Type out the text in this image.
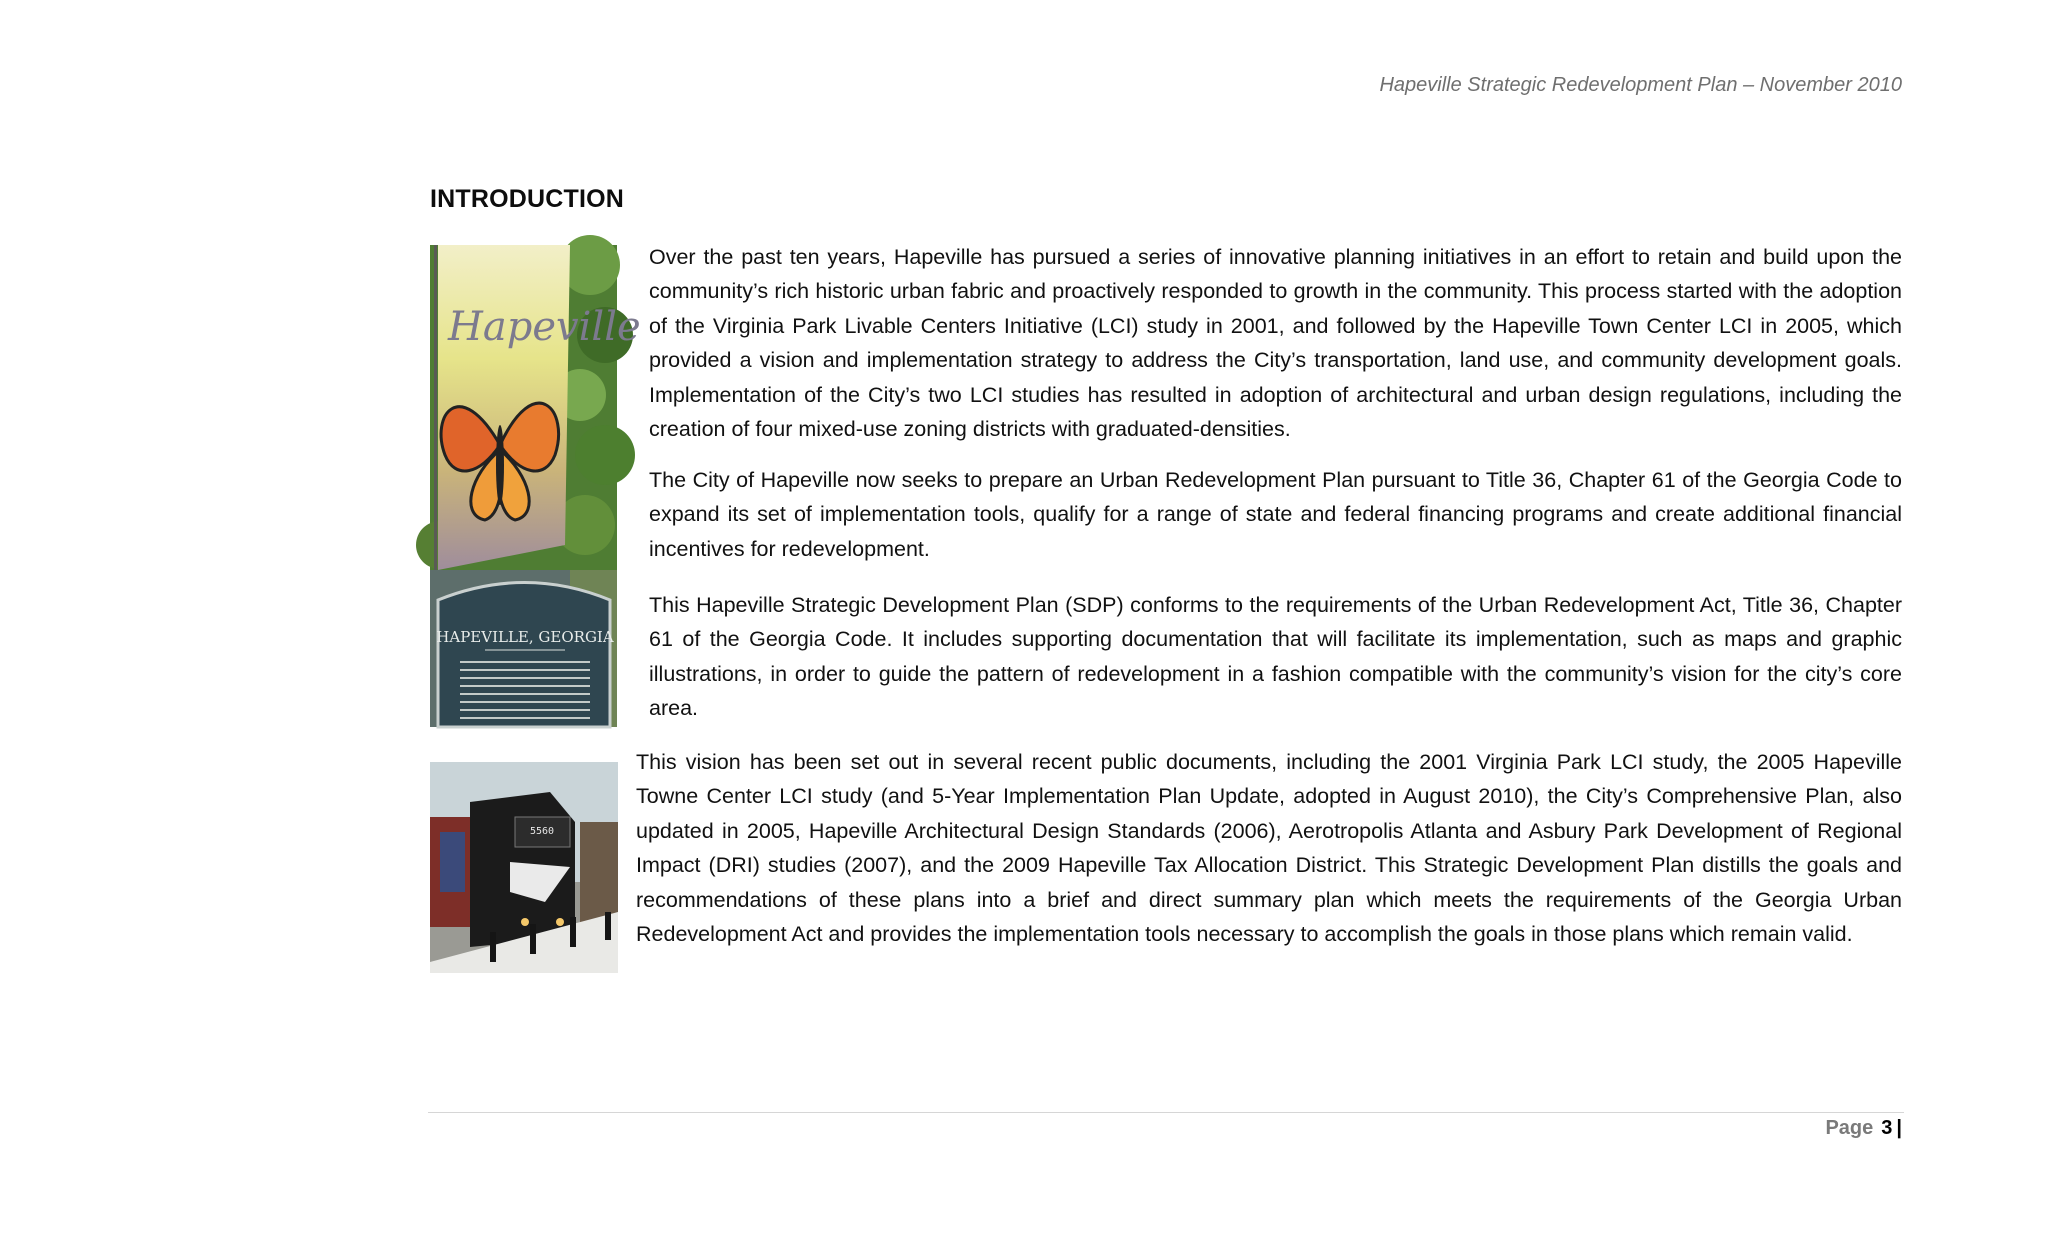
Hapeville Strategic Redevelopment Plan – November 2010
INTRODUCTION
Hapeville
HAPEVILLE, GEORGIA
Over the past ten years, Hapeville has pursued a series of innovative planning initiatives in an effort to retain and build upon the community’s rich historic urban fabric and proactively responded to growth in the community. This process started with the adoption of the Virginia Park Livable Centers Initiative (LCI) study in 2001, and followed by the Hapeville Town Center LCI in 2005, which provided a vision and implementation strategy to address the City’s transportation, land use, and community development goals. Implementation of the City’s two LCI studies has resulted in adoption of architectural and urban design regulations, including the creation of four mixed-use zoning districts with graduated-densities.
The City of Hapeville now seeks to prepare an Urban Redevelopment Plan pursuant to Title 36, Chapter 61 of the Georgia Code to expand its set of implementation tools, qualify for a range of state and federal financing programs and create additional financial incentives for redevelopment.
This Hapeville Strategic Development Plan (SDP) conforms to the requirements of the Urban Redevelopment Act, Title 36, Chapter 61 of the Georgia Code. It includes supporting documentation that will facilitate its implementation, such as maps and graphic illustrations, in order to guide the pattern of redevelopment in a fashion compatible with the community’s vision for the city’s core area.
5560
This vision has been set out in several recent public documents, including the 2001 Virginia Park LCI study, the 2005 Hapeville Towne Center LCI study (and 5-Year Implementation Plan Update, adopted in August 2010), the City’s Comprehensive Plan, also updated in 2005, Hapeville Architectural Design Standards (2006), Aerotropolis Atlanta and Asbury Park Development of Regional Impact (DRI) studies (2007), and the 2009 Hapeville Tax Allocation District. This Strategic Development Plan distills the goals and recommendations of these plans into a brief and direct summary plan which meets the requirements of the Georgia Urban Redevelopment Act and provides the implementation tools necessary to accomplish the goals in those plans which remain valid.
Page 3 |
